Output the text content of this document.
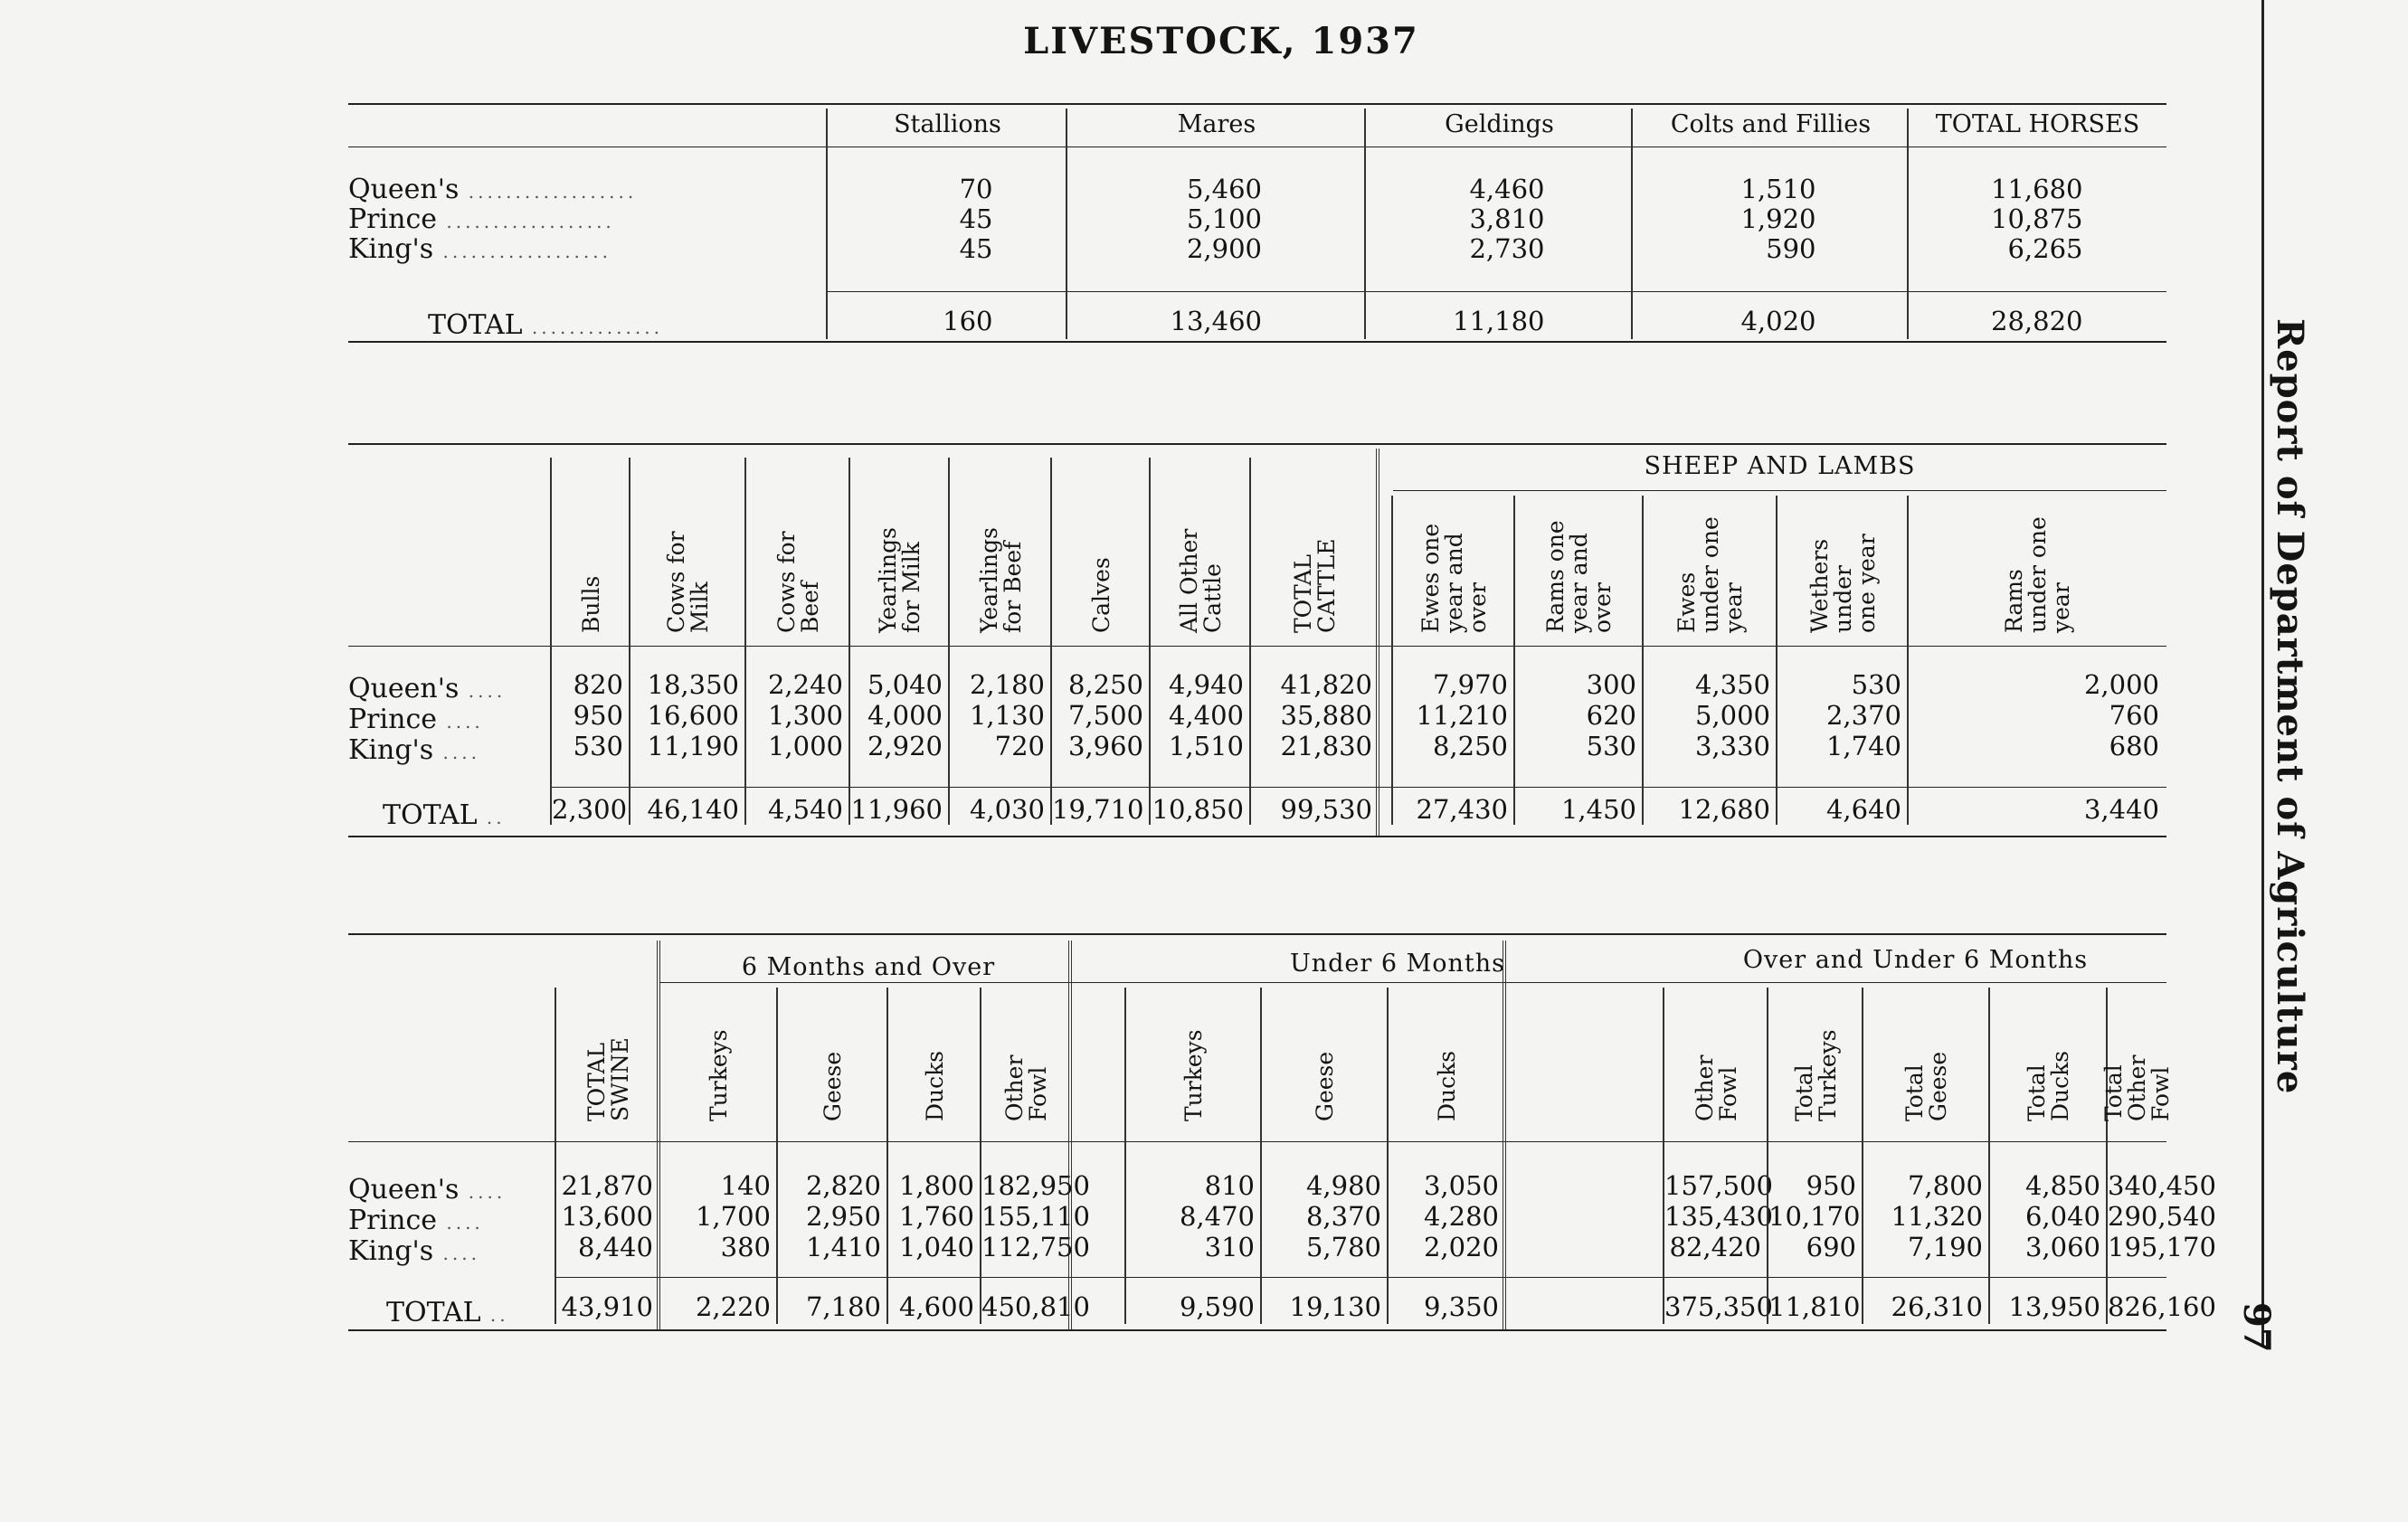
LIVESTOCK, 1937
Report of Department of Agriculture
97
Stallions
70
45
45
160
Mares
5,460
5,100
2,900
13,460
Geldings
4,460
3,810
2,730
11,180
Colts and Fillies
1,510
1,920
590
4,020
TOTAL HORSES
11,680
10,875
6,265
28,820
Queen's ..................
Prince ..................
King's ..................
TOTAL ..............
SHEEP AND LAMBS
Bulls
820
950
530
2,300
Cows for
Milk
18,350
16,600
11,190
46,140
Cows for
Beef
2,240
1,300
1,000
4,540
Yearlings
for Milk
5,040
4,000
2,920
11,960
Yearlings
for Beef
2,180
1,130
720
4,030
Calves
8,250
7,500
3,960
19,710
All Other
Cattle
4,940
4,400
1,510
10,850
TOTAL
CATTLE
41,820
35,880
21,830
99,530
Ewes one
year and
over
7,970
11,210
8,250
27,430
Rams one
year and
over
300
620
530
1,450
Ewes
under one
year
4,350
5,000
3,330
12,680
Wethers
under
one year
530
2,370
1,740
4,640
Rams
under one
year
2,000
760
680
3,440
Queen's ....
Prince ....
King's ....
TOTAL ..
6 Months and Over	Under 6 Months	Over and Under 6 Months
TOTAL
SWINE
21,870
13,600
8,440
43,910
Turkeys
140
1,700
380
2,220
Geese
2,820
2,950
1,410
7,180
Ducks
1,800
1,760
1,040
4,600
Other
Fowl
182,950
155,110
112,750
450,810
Turkeys
810
8,470
310
9,590
Geese
4,980
8,370
5,780
19,130
Ducks
3,050
4,280
2,020
9,350
Other
Fowl
157,500
135,430
82,420
375,350
Total
Turkeys
950
10,170
690
11,810
Total
Geese
7,800
11,320
7,190
26,310
Total
Ducks
4,850
6,040
3,060
13,950
Total
Other
Fowl
340,450
290,540
195,170
826,160
Queen's ....
Prince ....
King's ....
TOTAL ..
